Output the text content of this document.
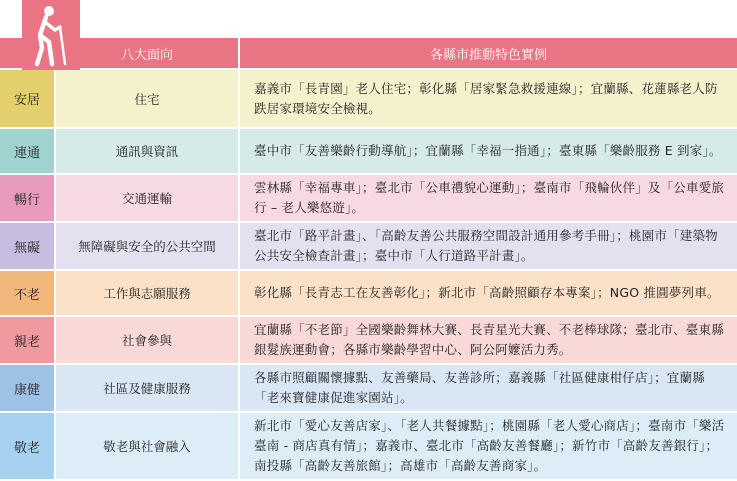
	八大面向	各縣市推動特色實例
安居	住宅	嘉義市「長青園」老人住宅；彰化縣「居家緊急救援連線」；宜蘭縣、花蓮縣老人防跌居家環境安全檢視。
連通	通訊與資訊	臺中市「友善樂齡行動導航」；宜蘭縣「幸福一指通」；臺東縣「樂齡服務 E 到家」。
暢行	交通運輸	雲林縣「幸福專車」；臺北市「公車禮貌心運動」；臺南市「飛輪伙伴」及「公車愛旅行 – 老人樂悠遊」。
無礙	無障礙與安全的公共空間	臺北市「路平計畫」、「高齡友善公共服務空間設計通用參考手冊」；桃園市「建築物公共安全檢查計畫」；臺中市「人行道路平計畫」。
不老	工作與志願服務	彰化縣「長青志工在友善彰化」；新北市「高齡照顧存本專案」；NGO 推圓夢列車。
親老	社會參與	宜蘭縣「不老節」全國樂齡舞林大賽、長青星光大賽、不老棒球隊；臺北市、臺東縣銀髮族運動會；各縣市樂齡學習中心、阿公阿嬤活力秀。
康健	社區及健康服務	各縣市照顧關懷據點、友善藥局、友善診所；嘉義縣「社區健康柑仔店」；宜蘭縣「老來寶健康促進家園站」。
敬老	敬老與社會融入	新北市「愛心友善店家」、「老人共餐據點」；桃園縣「老人愛心商店」；臺南市「樂活臺南 - 商店真有情」；嘉義市、臺北市「高齡友善餐廳」；新竹市「高齡友善銀行」；南投縣「高齡友善旅館」；高雄市「高齡友善商家」。
